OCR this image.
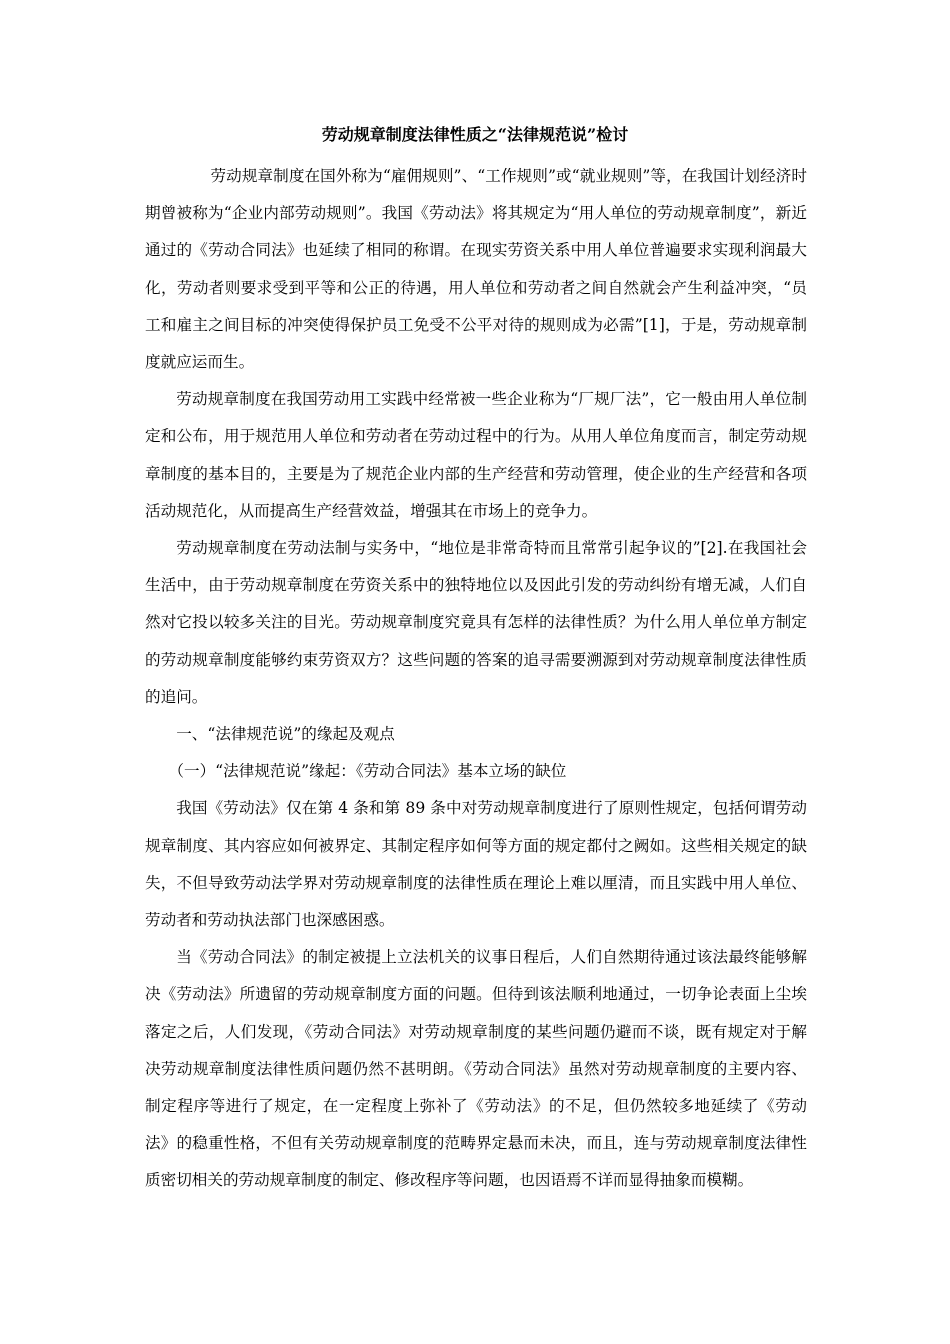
劳动规章制度法律性质之“法律规范说”检讨

劳动规章制度在国外称为“雇佣规则”、“工作规则”或“就业规则”等，在我国计划经济时期曾被称为“企业内部劳动规则”。我国《劳动法》将其规定为“用人单位的劳动规章制度”，新近通过的《劳动合同法》也延续了相同的称谓。在现实劳资关系中用人单位普遍要求实现利润最大化，劳动者则要求受到平等和公正的待遇，用人单位和劳动者之间自然就会产生利益冲突，“员工和雇主之间目标的冲突使得保护员工免受不公平对待的规则成为必需”[1]，于是，劳动规章制度就应运而生。

劳动规章制度在我国劳动用工实践中经常被一些企业称为“厂规厂法”，它一般由用人单位制定和公布，用于规范用人单位和劳动者在劳动过程中的行为。从用人单位角度而言，制定劳动规章制度的基本目的，主要是为了规范企业内部的生产经营和劳动管理，使企业的生产经营和各项活动规范化，从而提高生产经营效益，增强其在市场上的竞争力。

劳动规章制度在劳动法制与实务中，“地位是非常奇特而且常常引起争议的”[2].在我国社会生活中，由于劳动规章制度在劳资关系中的独特地位以及因此引发的劳动纠纷有增无减，人们自然对它投以较多关注的目光。劳动规章制度究竟具有怎样的法律性质？为什么用人单位单方制定的劳动规章制度能够约束劳资双方？这些问题的答案的追寻需要溯源到对劳动规章制度法律性质的追问。

一、“法律规范说”的缘起及观点

（一）“法律规范说”缘起：《劳动合同法》基本立场的缺位

我国《劳动法》仅在第 4 条和第 89 条中对劳动规章制度进行了原则性规定，包括何谓劳动规章制度、其内容应如何被界定、其制定程序如何等方面的规定都付之阙如。这些相关规定的缺失，不但导致劳动法学界对劳动规章制度的法律性质在理论上难以厘清，而且实践中用人单位、劳动者和劳动执法部门也深感困惑。

当《劳动合同法》的制定被提上立法机关的议事日程后，人们自然期待通过该法最终能够解决《劳动法》所遗留的劳动规章制度方面的问题。但待到该法顺利地通过，一切争论表面上尘埃落定之后，人们发现，《劳动合同法》对劳动规章制度的某些问题仍避而不谈，既有规定对于解决劳动规章制度法律性质问题仍然不甚明朗。《劳动合同法》虽然对劳动规章制度的主要内容、制定程序等进行了规定，在一定程度上弥补了《劳动法》的不足，但仍然较多地延续了《劳动法》的稳重性格，不但有关劳动规章制度的范畴界定悬而未决，而且，连与劳动规章制度法律性质密切相关的劳动规章制度的制定、修改程序等问题，也因语焉不详而显得抽象而模糊。
